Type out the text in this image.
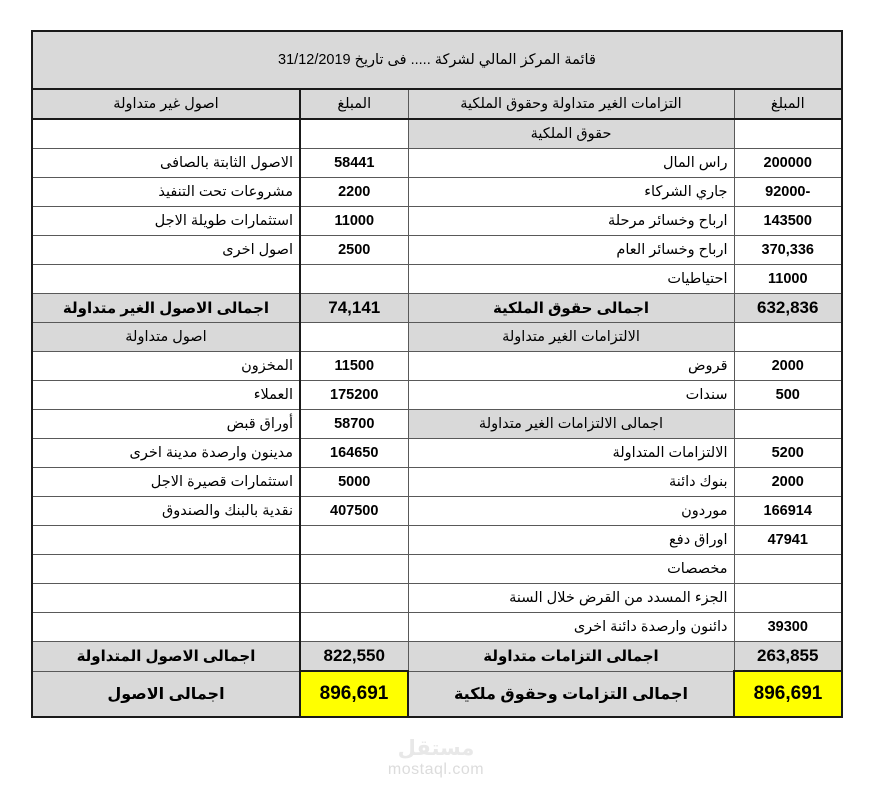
قائمة المركز المالي لشركة ..... فى تاريخ 31/12/2019			
المبلغ	التزامات الغير متداولة وحقوق الملكية	المبلغ	اصول غير متداولة
	حقوق الملكية		
200000	راس المال	58441	الاصول الثابتة بالصافى
-92000	جاري الشركاء	2200	مشروعات تحت التنفيذ
143500	ارباح وخسائر مرحلة	11000	استثمارات طويلة الاجل
370,336	ارباح وخسائر العام	2500	اصول اخرى
11000	احتياطيات		
632,836	اجمالى حقوق الملكية	74,141	اجمالى الاصول الغير متداولة
	الالتزامات الغير متداولة		اصول متداولة
2000	قروض	11500	المخزون
500	سندات	175200	العملاء
	اجمالى الالتزامات الغير متداولة	58700	أوراق قبض
5200	الالتزامات المتداولة	164650	مدينون وارصدة مدينة اخرى
2000	بنوك دائنة	5000	استثمارات قصيرة الاجل
166914	موردون	407500	نقدية بالبنك والصندوق
47941	اوراق دفع		
	مخصصات		
	الجزء المسدد من القرض خلال السنة		
39300	دائنون وارصدة دائنة اخرى		
263,855	اجمالى التزامات متداولة	822,550	اجمالى الاصول المتداولة
896,691	اجمالى التزامات وحقوق ملكية	896,691	اجمالى الاصول
مستقل
mostaql.com
